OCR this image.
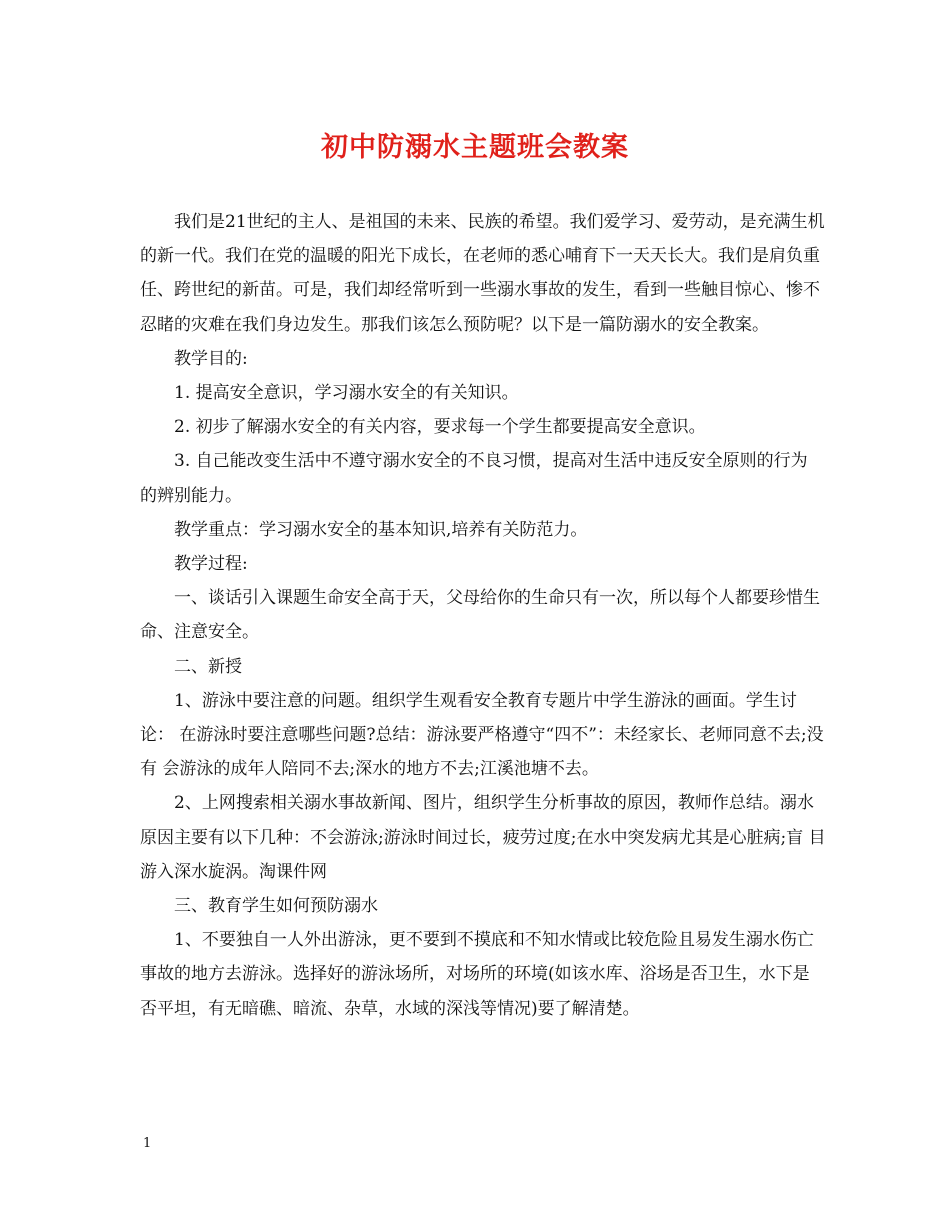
初中防溺水主题班会教案

我们是21世纪的主人、是祖国的未来、民族的希望。我们爱学习、爱劳动，是充满生机的新一代。我们在党的温暖的阳光下成长，在老师的悉心哺育下一天天长大。我们是肩负重任、跨世纪的新苗。可是，我们却经常听到一些溺水事故的发生，看到一些触目惊心、惨不忍睹的灾难在我们身边发生。那我们该怎么预防呢？以下是一篇防溺水的安全教案。

教学目的:

1. 提高安全意识，学习溺水安全的有关知识。

2. 初步了解溺水安全的有关内容，要求每一个学生都要提高安全意识。

3. 自己能改变生活中不遵守溺水安全的不良习惯，提高对生活中违反安全原则的行为 的辨别能力。

教学重点：学习溺水安全的基本知识,培养有关防范力。

教学过程:

一、谈话引入课题生命安全高于天，父母给你的生命只有一次，所以每个人都要珍惜生 命、注意安全。

二、新授

1、游泳中要注意的问题。组织学生观看安全教育专题片中学生游泳的画面。学生讨论： 在游泳时要注意哪些问题?总结：游泳要严格遵守“四不”：未经家长、老师同意不去;没有 会游泳的成年人陪同不去;深水的地方不去;江溪池塘不去。

2、上网搜索相关溺水事故新闻、图片，组织学生分析事故的原因，教师作总结。溺水 原因主要有以下几种：不会游泳;游泳时间过长，疲劳过度;在水中突发病尤其是心脏病;盲 目游入深水旋涡。淘课件网

三、教育学生如何预防溺水

1、不要独自一人外出游泳，更不要到不摸底和不知水情或比较危险且易发生溺水伤亡 事故的地方去游泳。选择好的游泳场所，对场所的环境(如该水库、浴场是否卫生，水下是 否平坦，有无暗礁、暗流、杂草，水域的深浅等情况)要了解清楚。

1
